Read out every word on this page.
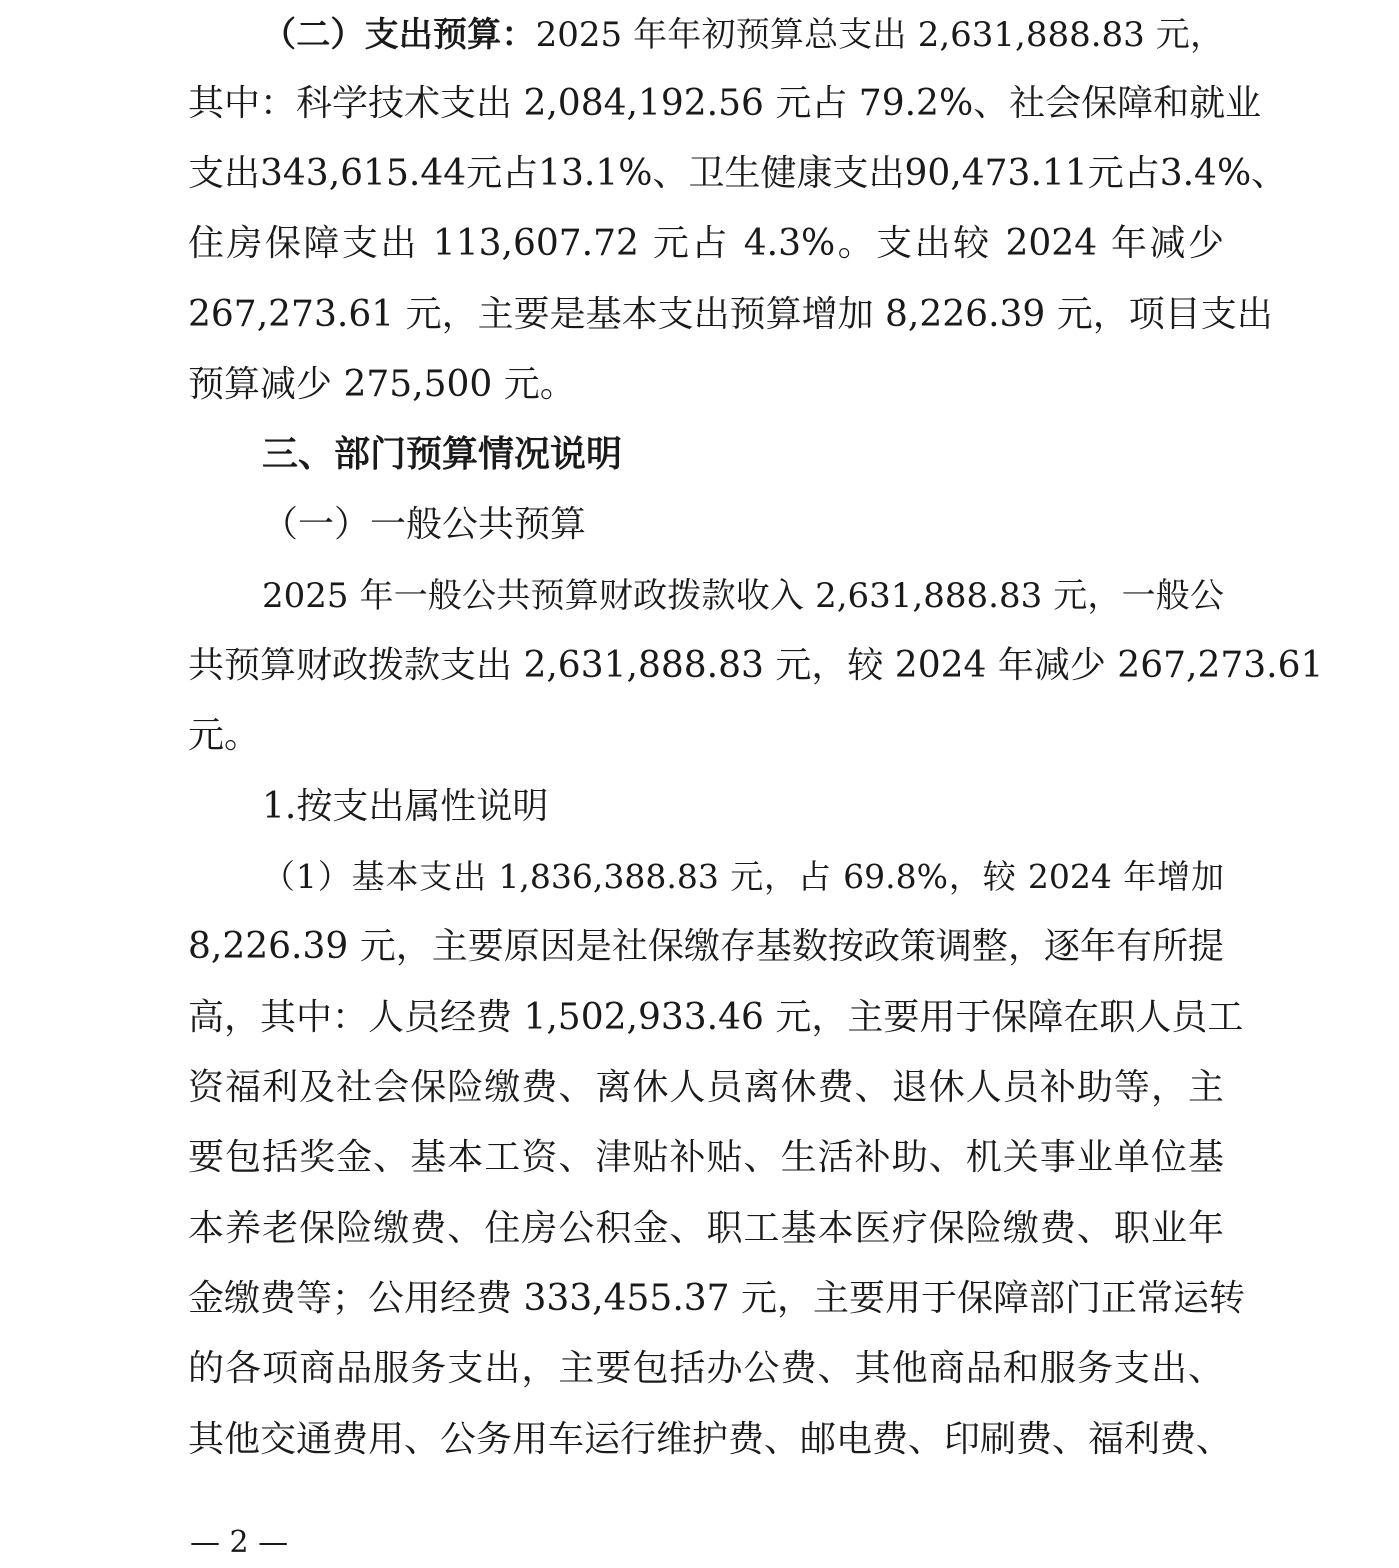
（二）支出预算：2025 年年初预算总支出 2,631,888.83 元，
其中：科学技术支出 2,084,192.56 元占 79.2%、社会保障和就业
支出343,615.44元占13.1%、卫生健康支出90,473.11元占3.4%、
住房保障支出 113,607.72 元占 4.3%。支出较 2024 年减少
267,273.61 元，主要是基本支出预算增加 8,226.39 元，项目支出
预算减少 275,500 元。
三、部门预算情况说明
（一）一般公共预算
2025 年一般公共预算财政拨款收入 2,631,888.83 元，一般公
共预算财政拨款支出 2,631,888.83 元，较 2024 年减少 267,273.61
元。
1.按支出属性说明
（1）基本支出 1,836,388.83 元，占 69.8%，较 2024 年增加
8,226.39 元，主要原因是社保缴存基数按政策调整，逐年有所提
高，其中：人员经费 1,502,933.46 元，主要用于保障在职人员工
资福利及社会保险缴费、离休人员离休费、退休人员补助等，主
要包括奖金、基本工资、津贴补贴、生活补助、机关事业单位基
本养老保险缴费、住房公积金、职工基本医疗保险缴费、职业年
金缴费等；公用经费 333,455.37 元，主要用于保障部门正常运转
的各项商品服务支出，主要包括办公费、其他商品和服务支出、
其他交通费用、公务用车运行维护费、邮电费、印刷费、福利费、
— 2 —
